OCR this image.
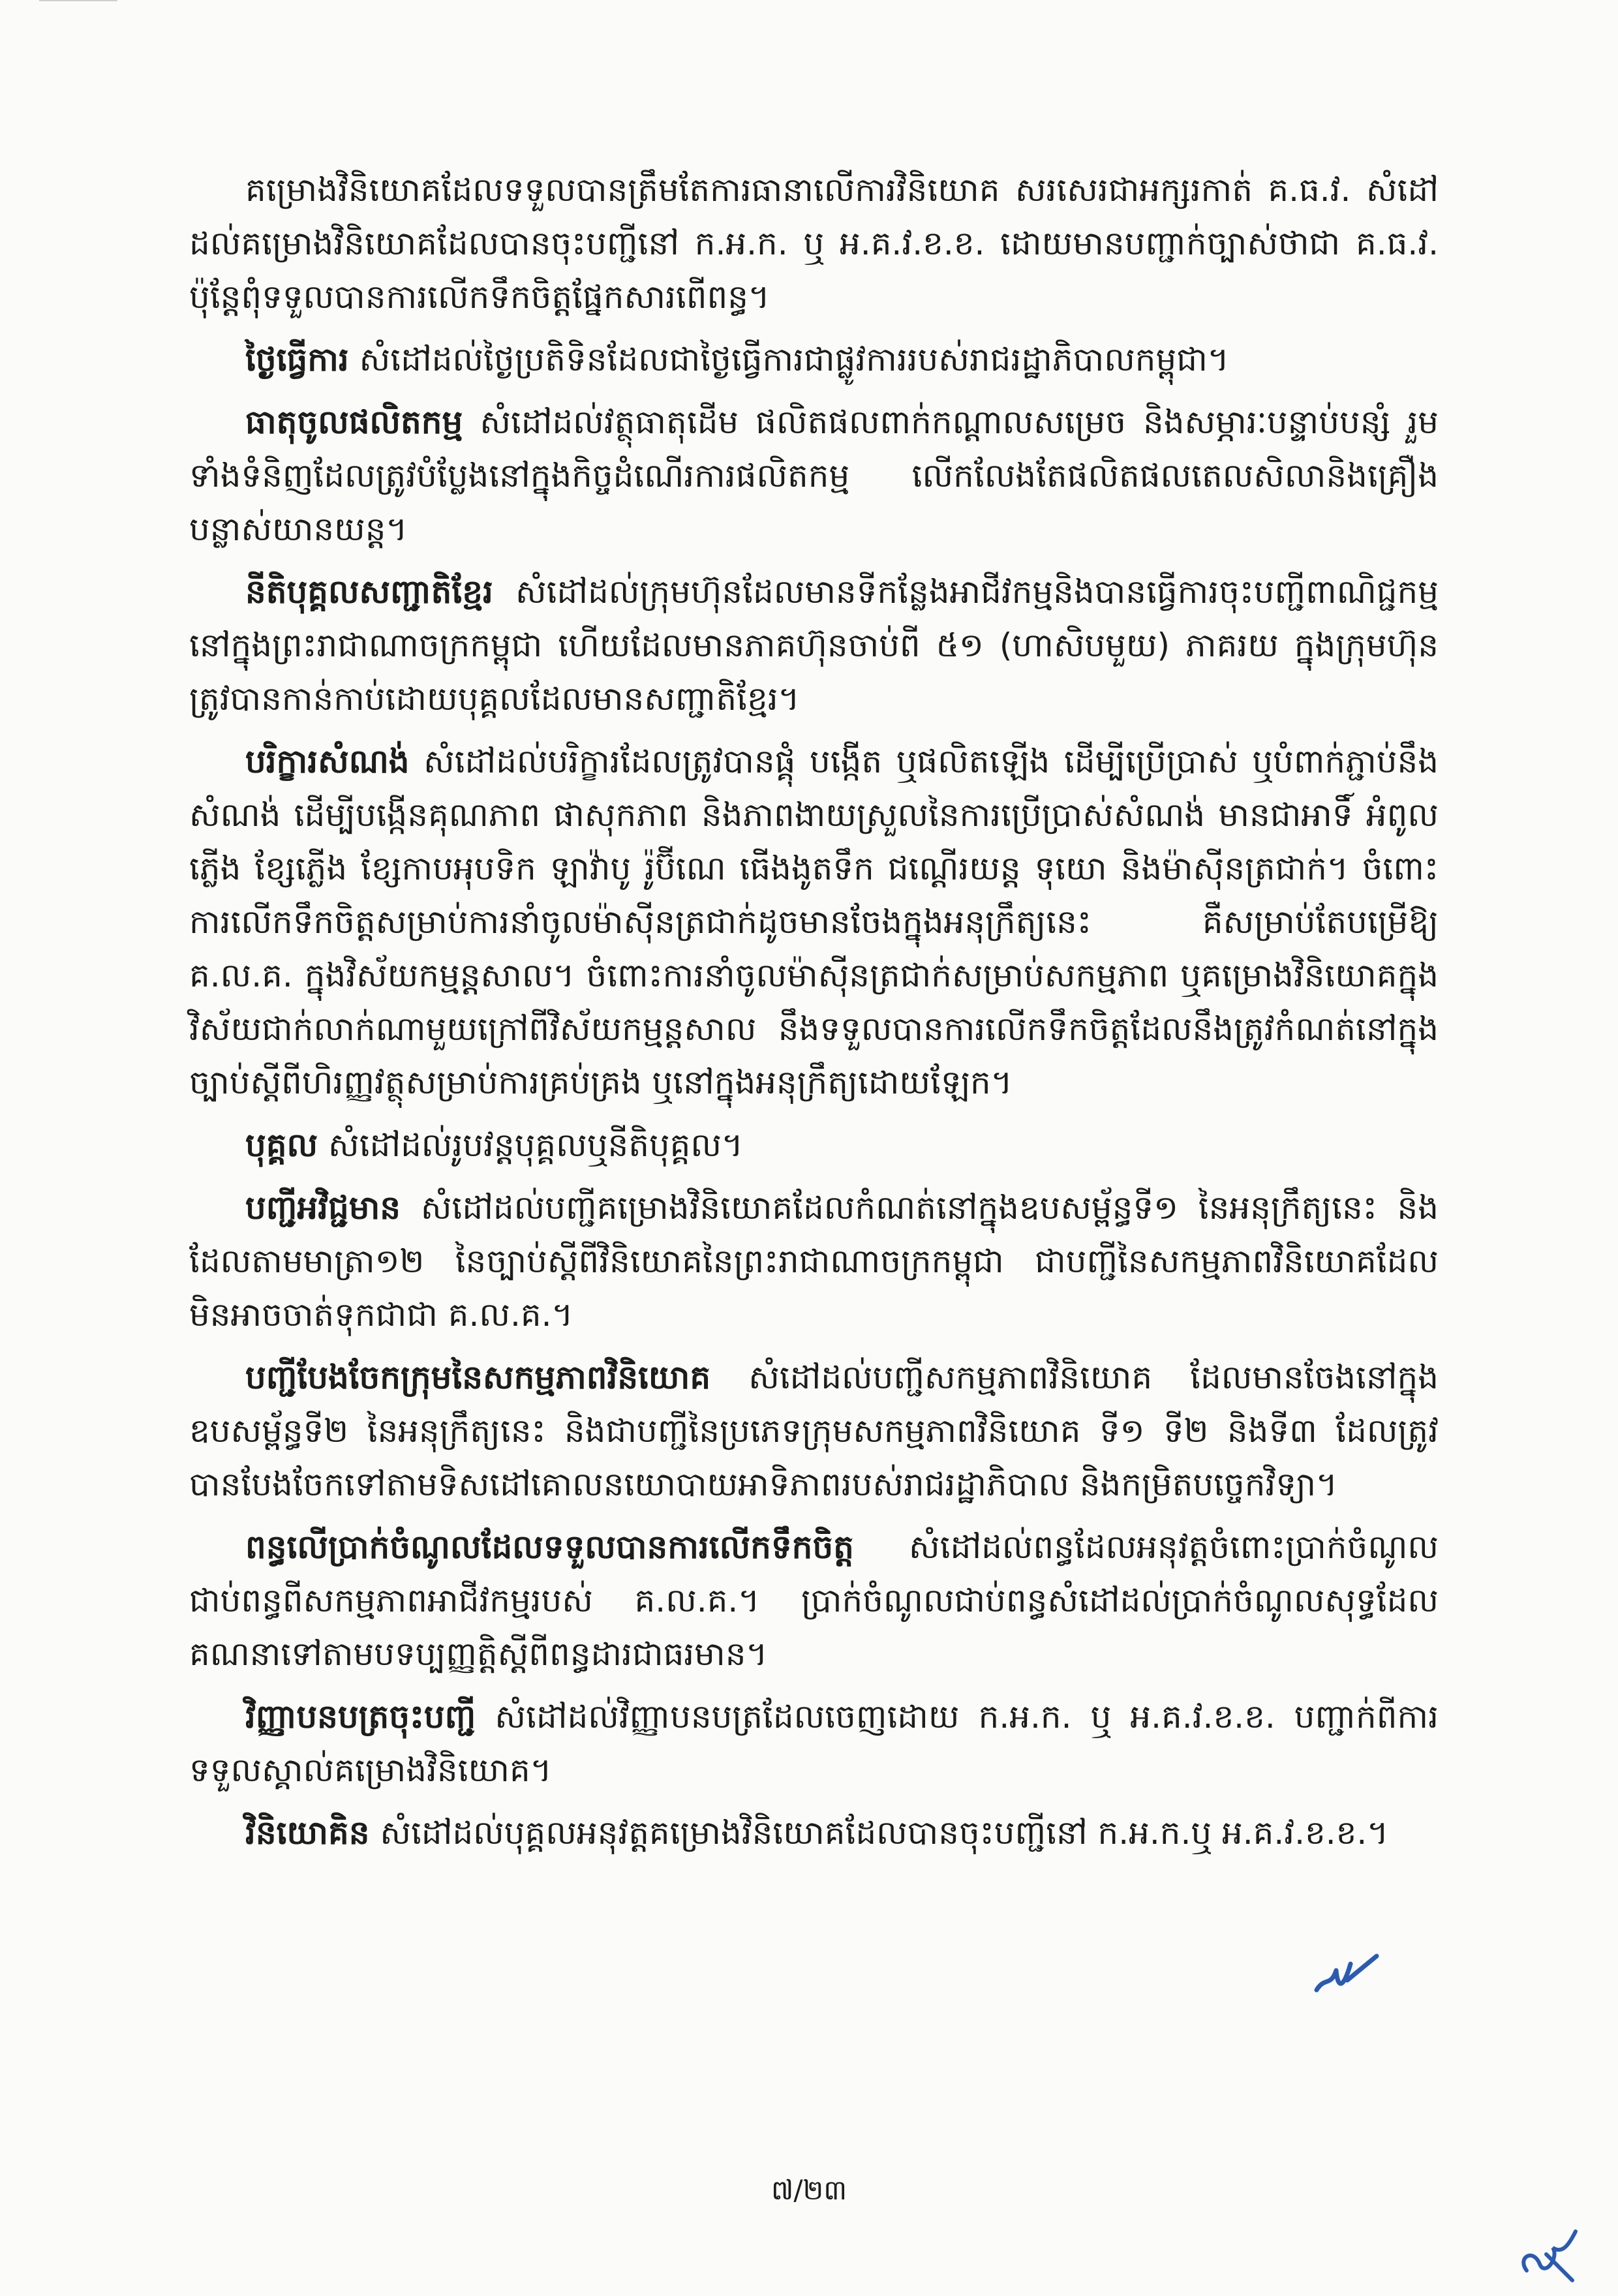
គម្រោងវិនិយោគដែលទទួលបានត្រឹមតែការធានាលើការវិនិយោគ សរសេរជាអក្សរកាត់ គ.ធ.វ. សំដៅដល់គម្រោងវិនិយោគដែលបានចុះបញ្ជីនៅ ក.អ.ក. ឬ អ.គ.វ.ខ.ខ. ដោយមានបញ្ជាក់ច្បាស់ថាជា គ.ធ.វ. ប៉ុន្តែពុំទទួលបានការលើកទឹកចិត្តផ្នែកសារពើពន្ធ។

ថ្ងៃធ្វើការ សំដៅដល់ថ្ងៃប្រតិទិនដែលជាថ្ងៃធ្វើការជាផ្លូវការរបស់រាជរដ្ឋាភិបាលកម្ពុជា។

ធាតុចូលផលិតកម្ម សំដៅដល់វត្ថុធាតុដើម ផលិតផលពាក់កណ្តាលសម្រេច និងសម្ភារៈបន្ទាប់បន្សំ រួមទាំងទំនិញដែលត្រូវបំប្លែងនៅក្នុងកិច្ចដំណើរការផលិតកម្ម លើកលែងតែផលិតផលតេលសិលានិងគ្រឿងបន្លាស់យានយន្ត។

នីតិបុគ្គលសញ្ជាតិខ្មែរ សំដៅដល់ក្រុមហ៊ុនដែលមានទីកន្លែងអាជីវកម្មនិងបានធ្វើការចុះបញ្ជីពាណិជ្ជកម្មនៅក្នុងព្រះរាជាណាចក្រកម្ពុជា ហើយដែលមានភាគហ៊ុនចាប់ពី ៥១ (ហាសិបមួយ) ភាគរយ ក្នុងក្រុមហ៊ុន ត្រូវបានកាន់កាប់ដោយបុគ្គលដែលមានសញ្ជាតិខ្មែរ។

បរិក្ខារសំណង់ សំដៅដល់បរិក្ខារដែលត្រូវបានផ្គុំ បង្កើត ឬផលិតឡើង ដើម្បីប្រើប្រាស់ ឬបំពាក់ភ្ជាប់នឹងសំណង់ ដើម្បីបង្កើនគុណភាព ផាសុកភាព និងភាពងាយស្រួលនៃការប្រើប្រាស់សំណង់ មានជាអាទិ៍ អំពូលភ្លើង ខ្សែភ្លើង ខ្សែកាបអុបទិក ឡាវ៉ាបូ រ៉ូប៊ីណេ ធើងងូតទឹក ជណ្តើរយន្ត ទុយោ និងម៉ាស៊ីនត្រជាក់។ ចំពោះការលើកទឹកចិត្តសម្រាប់ការនាំចូលម៉ាស៊ីនត្រជាក់ដូចមានចែងក្នុងអនុក្រឹត្យនេះ គឺសម្រាប់តែបម្រើឱ្យ គ.ល.គ. ក្នុងវិស័យកម្មន្តសាល។ ចំពោះការនាំចូលម៉ាស៊ីនត្រជាក់សម្រាប់សកម្មភាព ឬគម្រោងវិនិយោគក្នុងវិស័យជាក់លាក់ណាមួយក្រៅពីវិស័យកម្មន្តសាល នឹងទទួលបានការលើកទឹកចិត្តដែលនឹងត្រូវកំណត់នៅក្នុងច្បាប់ស្តីពីហិរញ្ញវត្ថុសម្រាប់ការគ្រប់គ្រង ឬនៅក្នុងអនុក្រឹត្យដោយឡែក។

បុគ្គល សំដៅដល់រូបវន្តបុគ្គលឬនីតិបុគ្គល។

បញ្ជីអវិជ្ជមាន សំដៅដល់បញ្ជីគម្រោងវិនិយោគដែលកំណត់នៅក្នុងឧបសម្ព័ន្ធទី១ នៃអនុក្រឹត្យនេះ និងដែលតាមមាត្រា១២ នៃច្បាប់ស្តីពីវិនិយោគនៃព្រះរាជាណាចក្រកម្ពុជា ជាបញ្ជីនៃសកម្មភាពវិនិយោគដែលមិនអាចចាត់ទុកជាជា គ.ល.គ.។

បញ្ជីបែងចែកក្រុមនៃសកម្មភាពវិនិយោគ សំដៅដល់បញ្ជីសកម្មភាពវិនិយោគ ដែលមានចែងនៅក្នុងឧបសម្ព័ន្ធទី២ នៃអនុក្រឹត្យនេះ និងជាបញ្ជីនៃប្រភេទក្រុមសកម្មភាពវិនិយោគ ទី១ ទី២ និងទី៣ ដែលត្រូវបានបែងចែកទៅតាមទិសដៅគោលនយោបាយអាទិភាពរបស់រាជរដ្ឋាភិបាល និងកម្រិតបច្ចេកវិទ្យា។

ពន្ធលើប្រាក់ចំណូលដែលទទួលបានការលើកទឹកចិត្ត សំដៅដល់ពន្ធដែលអនុវត្តចំពោះប្រាក់ចំណូលជាប់ពន្ធពីសកម្មភាពអាជីវកម្មរបស់ គ.ល.គ.។ ប្រាក់ចំណូលជាប់ពន្ធសំដៅដល់ប្រាក់ចំណូលសុទ្ធដែលគណនាទៅតាមបទប្បញ្ញត្តិស្តីពីពន្ធដារជាធរមាន។

វិញ្ញាបនបត្រចុះបញ្ជី សំដៅដល់វិញ្ញាបនបត្រដែលចេញដោយ ក.អ.ក. ឬ អ.គ.វ.ខ.ខ. បញ្ជាក់ពីការទទួលស្គាល់គម្រោងវិនិយោគ។

វិនិយោគិន សំដៅដល់បុគ្គលអនុវត្តគម្រោងវិនិយោគដែលបានចុះបញ្ជីនៅ ក.អ.ក.ឬ អ.គ.វ.ខ.ខ.។

៧/២៣
